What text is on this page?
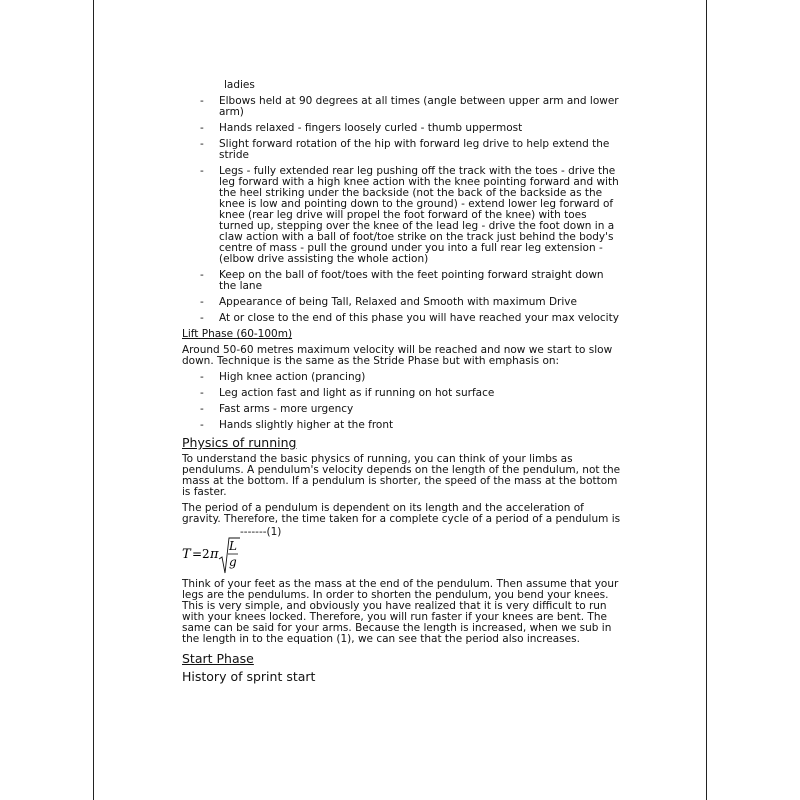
ladies
- Elbows held at 90 degrees at all times (angle between upper arm and lower arm)
- Hands relaxed - fingers loosely curled - thumb uppermost
- Slight forward rotation of the hip with forward leg drive to help extend the stride
- Legs - fully extended rear leg pushing off the track with the toes - drive the leg forward with a high knee action with the knee pointing forward and with the heel striking under the backside (not the back of the backside as the knee is low and pointing down to the ground) - extend lower leg forward of knee (rear leg drive will propel the foot forward of the knee) with toes turned up, stepping over the knee of the lead leg - drive the foot down in a claw action with a ball of foot/toe strike on the track just behind the body's centre of mass - pull the ground under you into a full rear leg extension - (elbow drive assisting the whole action)
- Keep on the ball of foot/toes with the feet pointing forward straight down the lane
- Appearance of being Tall, Relaxed and Smooth with maximum Drive
- At or close to the end of this phase you will have reached your max velocity
Lift Phase (60-100m)

Around 50-60 metres maximum velocity will be reached and now we start to slow down. Technique is the same as the Stride Phase but with emphasis on:

- High knee action (prancing)
- Leg action fast and light as if running on hot surface
- Fast arms - more urgency
- Hands slightly higher at the front
Physics of running

To understand the basic physics of running, you can think of your limbs as pendulums. A pendulum's velocity depends on the length of the pendulum, not the mass at the bottom. If a pendulum is shorter, the speed of the mass at the bottom is faster.

The period of a pendulum is dependent on its length and the acceleration of gravity. Therefore, the time taken for a complete cycle of a period of a pendulum is

-------(1)
T = 2 π
L
g

Think of your feet as the mass at the end of the pendulum. Then assume that your legs are the pendulums. In order to shorten the pendulum, you bend your knees. This is very simple, and obviously you have realized that it is very difficult to run with your knees locked. Therefore, you will run faster if your knees are bent. The same can be said for your arms. Because the length is increased, when we sub in the length in to the equation (1), we can see that the period also increases.

Start Phase
History of sprint start
